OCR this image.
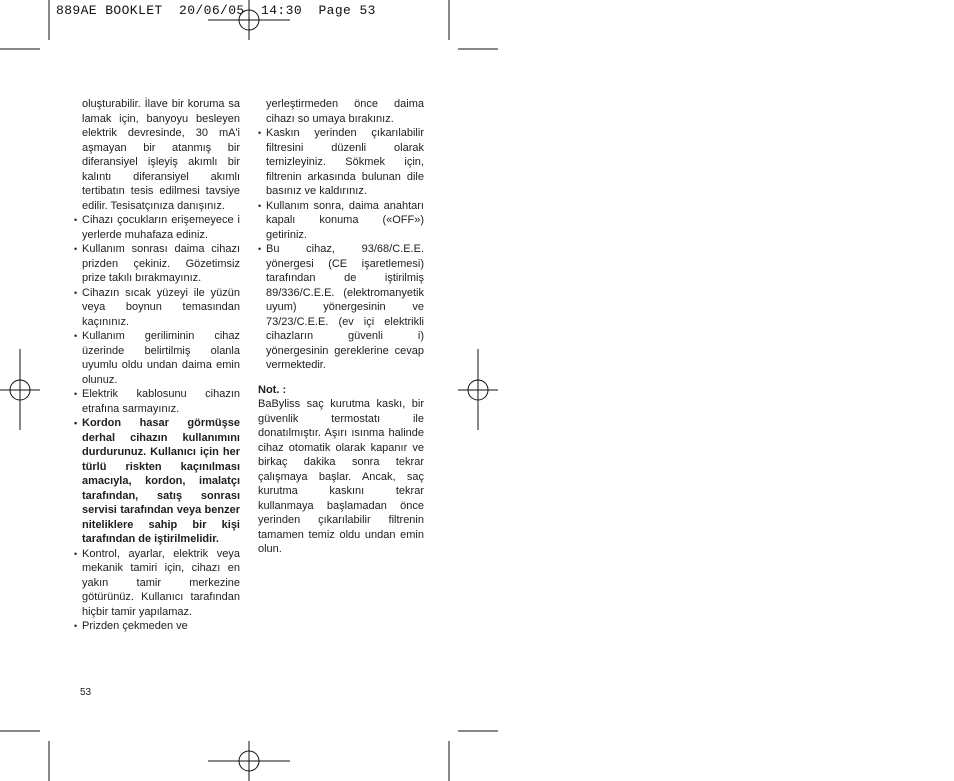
889AE BOOKLET  20/06/05  14:30  Page 53

oluşturabilir. İlave bir koruma sa lamak için, banyoyu besleyen elektrik devresinde, 30 mA'i aşmayan bir atanmış bir diferansiyel işleyiş akımlı bir kalıntı diferansiyel akımlı tertibatın tesis edilmesi tavsiye edilir. Tesisatçınıza danışınız.

• Cihazı çocukların erişemeyece i yerlerde muhafaza ediniz.

• Kullanım sonrası daima cihazı prizden çekiniz. Gözetimsiz prize takılı bırakmayınız.

• Cihazın sıcak yüzeyi ile yüzün veya boynun temasından kaçınınız.

• Kullanım geriliminin cihaz üzerinde belirtilmiş olanla uyumlu oldu undan daima emin olunuz.

• Elektrik kablosunu cihazın etrafına sarmayınız.

• Kordon hasar görmüşse derhal cihazın kullanımını durdurunuz. Kullanıcı için her türlü riskten kaçınılması amacıyla, kordon, imalatçı tarafından, satış sonrası servisi tarafından veya benzer niteliklere sahip bir kişi tarafından de iştirilmelidir.

• Kontrol, ayarlar, elektrik veya mekanik tamiri için, cihazı en yakın tamir merkezine götürünüz. Kullanıcı tarafından hiçbir tamir yapılamaz.

• Prizden çekmeden ve

yerleştirmeden önce daima cihazı so umaya bırakınız.

• Kaskın yerinden çıkarılabilir filtresini düzenli olarak temizleyiniz. Sökmek için, filtrenin arkasında bulunan dile basınız ve kaldırınız.

• Kullanım sonra, daima anahtarı kapalı konuma («OFF») getiriniz.

• Bu cihaz, 93/68/C.E.E. yönergesi (CE işaretlemesi) tarafından de iştirilmiş 89/336/C.E.E. (elektromanyetik uyum) yönergesinin ve 73/23/C.E.E. (ev içi elektrikli cihazların güvenli i) yönergesinin gereklerine cevap vermektedir.

Not. :

BaByliss saç kurutma kaskı, bir güvenlik termostatı ile donatılmıştır. Aşırı ısınma halinde cihaz otomatik olarak kapanır ve birkaç dakika sonra tekrar çalışmaya başlar. Ancak, saç kurutma kaskını tekrar kullanmaya başlamadan önce yerinden çıkarılabilir filtrenin tamamen temiz oldu undan emin olun.

53
